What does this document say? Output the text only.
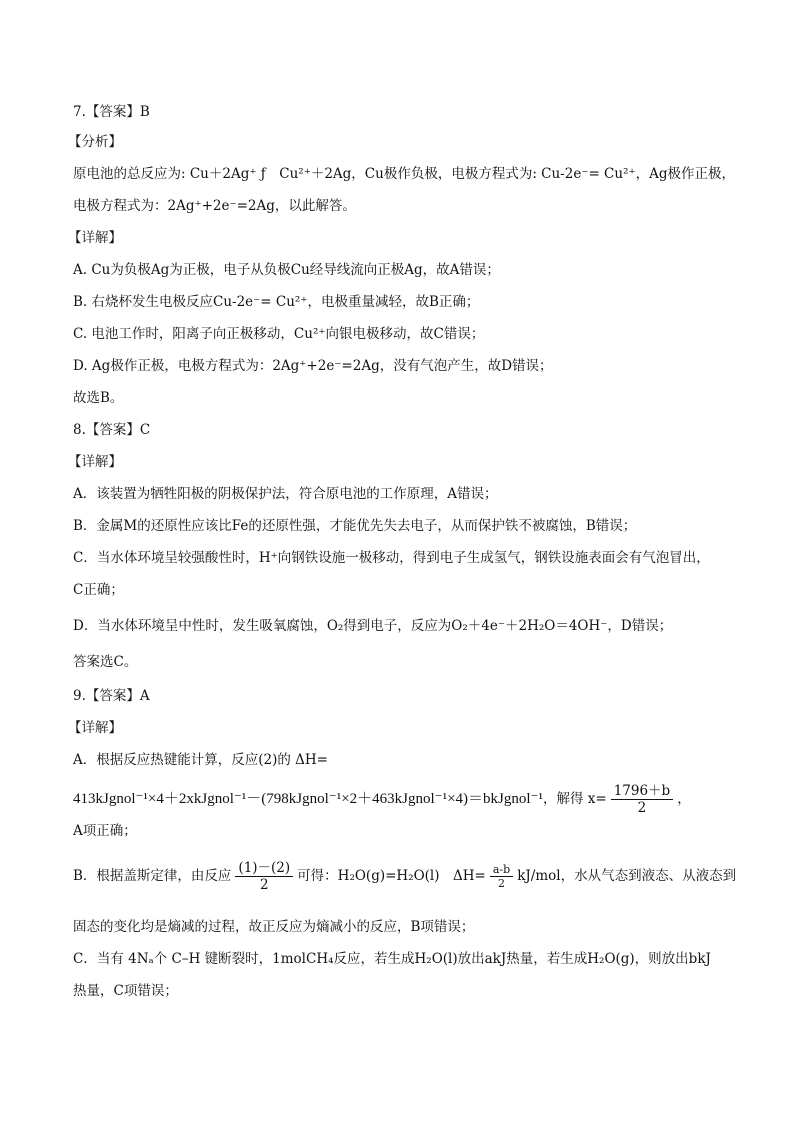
7.【答案】B
【分析】
原电池的总反应为: Cu＋2Ag⁺ ƒ　Cu²⁺＋2Ag，Cu极作负极，电极方程式为: Cu-2e⁻= Cu²⁺，Ag极作正极，
电极方程式为：2Ag⁺+2e⁻=2Ag，以此解答。
【详解】
A. Cu为负极Ag为正极，电子从负极Cu经导线流向正极Ag，故A错误；
B. 右烧杯发生电极反应Cu-2e⁻= Cu²⁺，电极重量减轻，故B正确；
C. 电池工作时，阳离子向正极移动，Cu²⁺向银电极移动，故C错误；
D. Ag极作正极，电极方程式为：2Ag⁺+2e⁻=2Ag，没有气泡产生，故D错误；
故选B。
8.【答案】C
【详解】
A．该装置为牺牲阳极的阴极保护法，符合原电池的工作原理，A错误；
B．金属M的还原性应该比Fe的还原性强，才能优先失去电子，从而保护铁不被腐蚀，B错误；
C．当水体环境呈较强酸性时，H⁺向钢铁设施一极移动，得到电子生成氢气，钢铁设施表面会有气泡冒出，
C正确；
D．当水体环境呈中性时，发生吸氧腐蚀，O₂得到电子，反应为O₂＋4e⁻＋2H₂O＝4OH⁻，D错误；
答案选C。
9.【答案】A
【详解】
A．根据反应热键能计算，反应(2)的 ΔH=
413kJgnol⁻¹×4＋2xkJgnol⁻¹－(798kJgnol⁻¹×2＋463kJgnol⁻¹×4)＝bkJgnol⁻¹，解得 $x= \frac{1796+b}{2}$ ，
A项正确；
B．根据盖斯定律，由反应 $\frac{(1)-(2)}{2}$ 可得：H₂O(g)=H₂O(l)　$\Delta H= \frac{a-b}{2} kJ/mol$，水从气态到液态、从液态到
固态的变化均是熵减的过程，故正反应为熵减小的反应，B项错误；
C．当有 4Nₐ个 C–H 键断裂时，1molCH₄反应，若生成H₂O(l)放出akJ热量，若生成H₂O(g)，则放出bkJ
热量，C项错误；
